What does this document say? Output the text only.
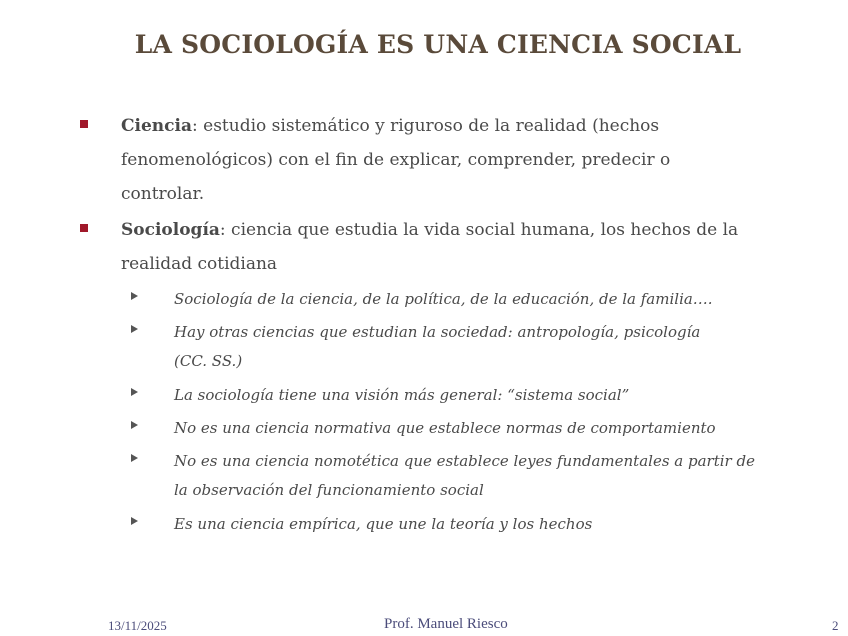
LA SOCIOLOGÍA ES UNA CIENCIA SOCIAL
Ciencia: estudio sistemático y riguroso de la realidad (hechos fenomenológicos) con el fin de explicar, comprender, predecir o controlar.
Sociología: ciencia que estudia la vida social humana, los hechos de la realidad cotidiana
Sociología de la ciencia, de la política, de la educación, de la familia….
Hay otras ciencias que estudian la sociedad: antropología, psicología (CC. SS.)
La sociología tiene una visión más general: “sistema social”
No es una ciencia normativa que establece normas de comportamiento
No es una ciencia nomotética que establece leyes fundamentales a partir de la observación del funcionamiento social
Es una ciencia empírica, que une la teoría y los hechos
13/11/2025	Prof. Manuel Riesco	2
